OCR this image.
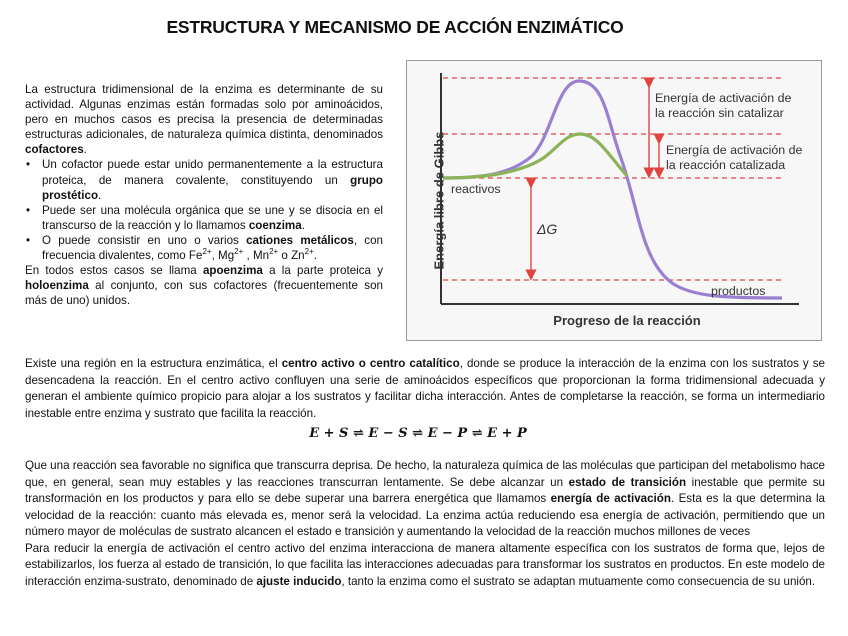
ESTRUCTURA Y MECANISMO DE ACCIÓN ENZIMÁTICO

La estructura tridimensional de la enzima es determinante de su actividad. Algunas enzimas están formadas solo por aminoácidos, pero en muchos casos es precisa la presencia de determinadas estructuras adicionales, de naturaleza química distinta, denominados cofactores.

• Un cofactor puede estar unido permanentemente a la estructura proteica, de manera covalente, constituyendo un grupo prostético.
• Puede ser una molécula orgánica que se une y se disocia en el transcurso de la reacción y lo llamamos coenzima.
• O puede consistir en uno o varios cationes metálicos, con frecuencia divalentes, como $Fe^{2+}$, $Mg^{2+}$ , $Mn^{2+}$ o $Zn^{2+}$.

En todos estos casos se llama apoenzima a la parte proteica y holoenzima al conjunto, con sus cofactores (frecuentemente son más de uno) unidos.

Energía libre de Gibbs
Progreso de la reacción
reactivos
productos
ΔG
Energía de activación de
la reacción sin catalizar
Energía de activación de
la reacción catalizada

Existe una región en la estructura enzimática, el centro activo o centro catalítico, donde se produce la interacción de la enzima con los sustratos y se desencadena la reacción. En el centro activo confluyen una serie de aminoácidos específicos que proporcionan la forma tridimensional adecuada y generan el ambiente químico propicio para alojar a los sustratos y facilitar dicha interacción. Antes de completarse la reacción, se forma un intermediario inestable entre enzima y sustrato que facilita la reacción.

E + S ⇌ E − S ⇌ E − P ⇌ E + P

Que una reacción sea favorable no significa que transcurra deprisa. De hecho, la naturaleza química de las moléculas que participan del metabolismo hace que, en general, sean muy estables y las reacciones transcurran lentamente. Se debe alcanzar un estado de transición inestable que permite su transformación en los productos y para ello se debe superar una barrera energética que llamamos energía de activación. Esta es la que determina la velocidad de la reacción: cuanto más elevada es, menor será la velocidad. La enzima actúa reduciendo esa energía de activación, permitiendo que un número mayor de moléculas de sustrato alcancen el estado e transición y aumentando la velocidad de la reacción muchos millones de veces

Para reducir la energía de activación el centro activo del enzima interacciona de manera altamente específica con los sustratos de forma que, lejos de estabilizarlos, los fuerza al estado de transición, lo que facilita las interacciones adecuadas para transformar los sustratos en productos. En este modelo de interacción enzima-sustrato, denominado de ajuste inducido, tanto la enzima como el sustrato se adaptan mutuamente como consecuencia de su unión.
